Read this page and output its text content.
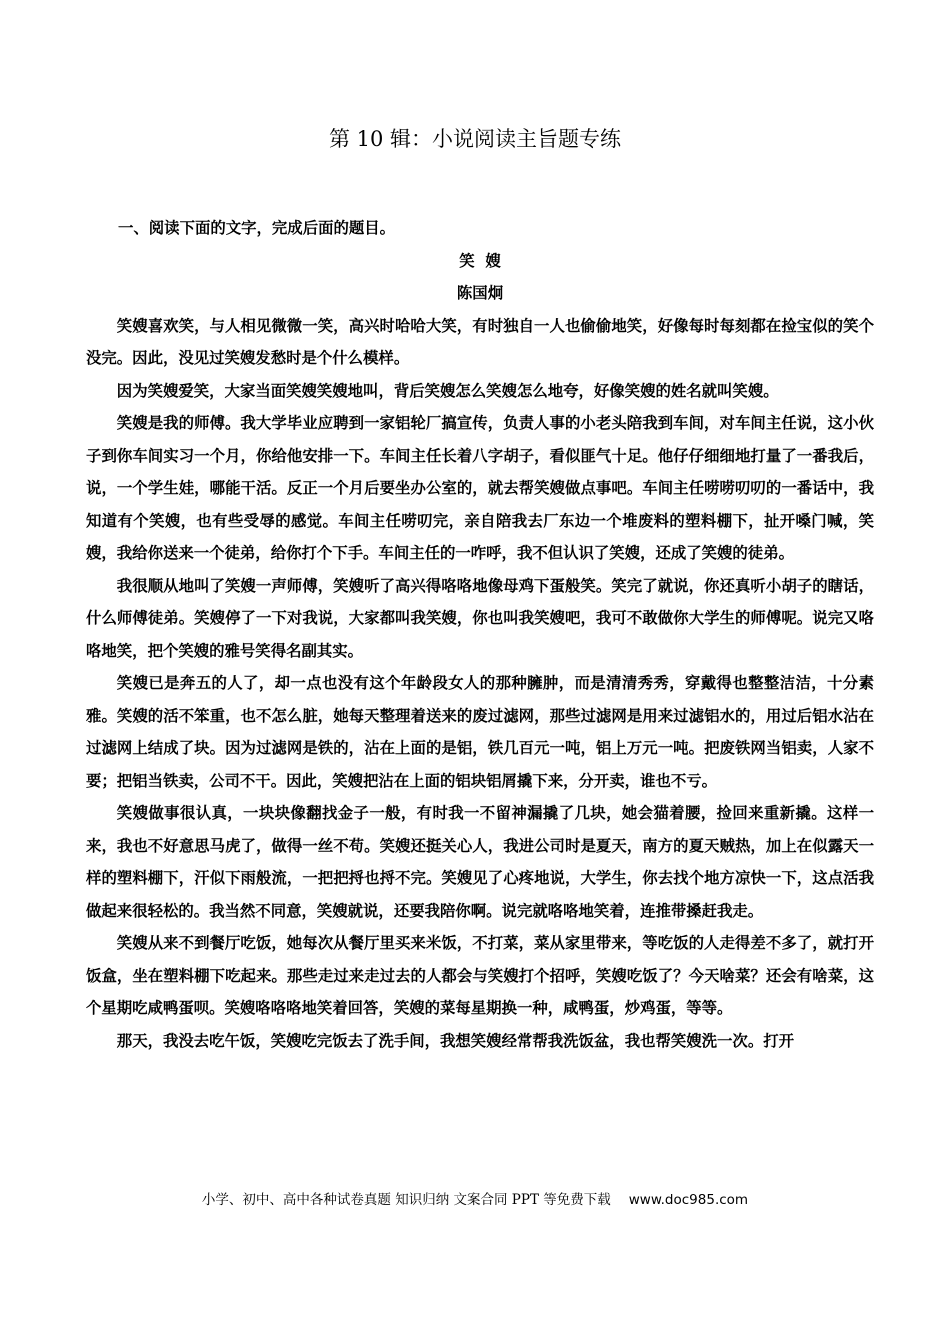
第 10 辑：小说阅读主旨题专练

一、阅读下面的文字，完成后面的题目。

笑  嫂

陈国炯

笑嫂喜欢笑，与人相见微微一笑，高兴时哈哈大笑，有时独自一人也偷偷地笑，好像每时每刻都在捡宝似的笑个没完。因此，没见过笑嫂发愁时是个什么模样。

因为笑嫂爱笑，大家当面笑嫂笑嫂地叫，背后笑嫂怎么笑嫂怎么地夸，好像笑嫂的姓名就叫笑嫂。

笑嫂是我的师傅。我大学毕业应聘到一家铝轮厂搞宣传，负责人事的小老头陪我到车间，对车间主任说，这小伙子到你车间实习一个月，你给他安排一下。车间主任长着八字胡子，看似匪气十足。他仔仔细细地打量了一番我后，说，一个学生娃，哪能干活。反正一个月后要坐办公室的，就去帮笑嫂做点事吧。车间主任唠唠叨叨的一番话中，我知道有个笑嫂，也有些受辱的感觉。车间主任唠叨完，亲自陪我去厂东边一个堆废料的塑料棚下，扯开嗓门喊，笑嫂，我给你送来一个徒弟，给你打个下手。车间主任的一咋呼，我不但认识了笑嫂，还成了笑嫂的徒弟。

我很顺从地叫了笑嫂一声师傅，笑嫂听了高兴得咯咯地像母鸡下蛋般笑。笑完了就说，你还真听小胡子的瞎话，什么师傅徒弟。笑嫂停了一下对我说，大家都叫我笑嫂，你也叫我笑嫂吧，我可不敢做你大学生的师傅呢。说完又咯咯地笑，把个笑嫂的雅号笑得名副其实。

笑嫂已是奔五的人了，却一点也没有这个年龄段女人的那种臃肿，而是清清秀秀，穿戴得也整整洁洁，十分素雅。笑嫂的活不笨重，也不怎么脏，她每天整理着送来的废过滤网，那些过滤网是用来过滤铝水的，用过后铝水沾在过滤网上结成了块。因为过滤网是铁的，沾在上面的是铝，铁几百元一吨，铝上万元一吨。把废铁网当铝卖，人家不要；把铝当铁卖，公司不干。因此，笑嫂把沾在上面的铝块铝屑撬下来，分开卖，谁也不亏。

笑嫂做事很认真，一块块像翻找金子一般，有时我一不留神漏撬了几块，她会猫着腰，捡回来重新撬。这样一来，我也不好意思马虎了，做得一丝不苟。笑嫂还挺关心人，我进公司时是夏天，南方的夏天贼热，加上在似露天一样的塑料棚下，汗似下雨般流，一把把捋也捋不完。笑嫂见了心疼地说，大学生，你去找个地方凉快一下，这点活我做起来很轻松的。我当然不同意，笑嫂就说，还要我陪你啊。说完就咯咯地笑着，连推带搡赶我走。

笑嫂从来不到餐厅吃饭，她每次从餐厅里买来米饭，不打菜，菜从家里带来，等吃饭的人走得差不多了，就打开饭盒，坐在塑料棚下吃起来。那些走过来走过去的人都会与笑嫂打个招呼，笑嫂吃饭了？今天啥菜？还会有啥菜，这个星期吃咸鸭蛋呗。笑嫂咯咯咯地笑着回答，笑嫂的菜每星期换一种，咸鸭蛋，炒鸡蛋，等等。

那天，我没去吃午饭，笑嫂吃完饭去了洗手间，我想笑嫂经常帮我洗饭盆，我也帮笑嫂洗一次。打开

小学、初中、高中各种试卷真题 知识归纳 文案合同 PPT 等免费下载 www.doc985.com
